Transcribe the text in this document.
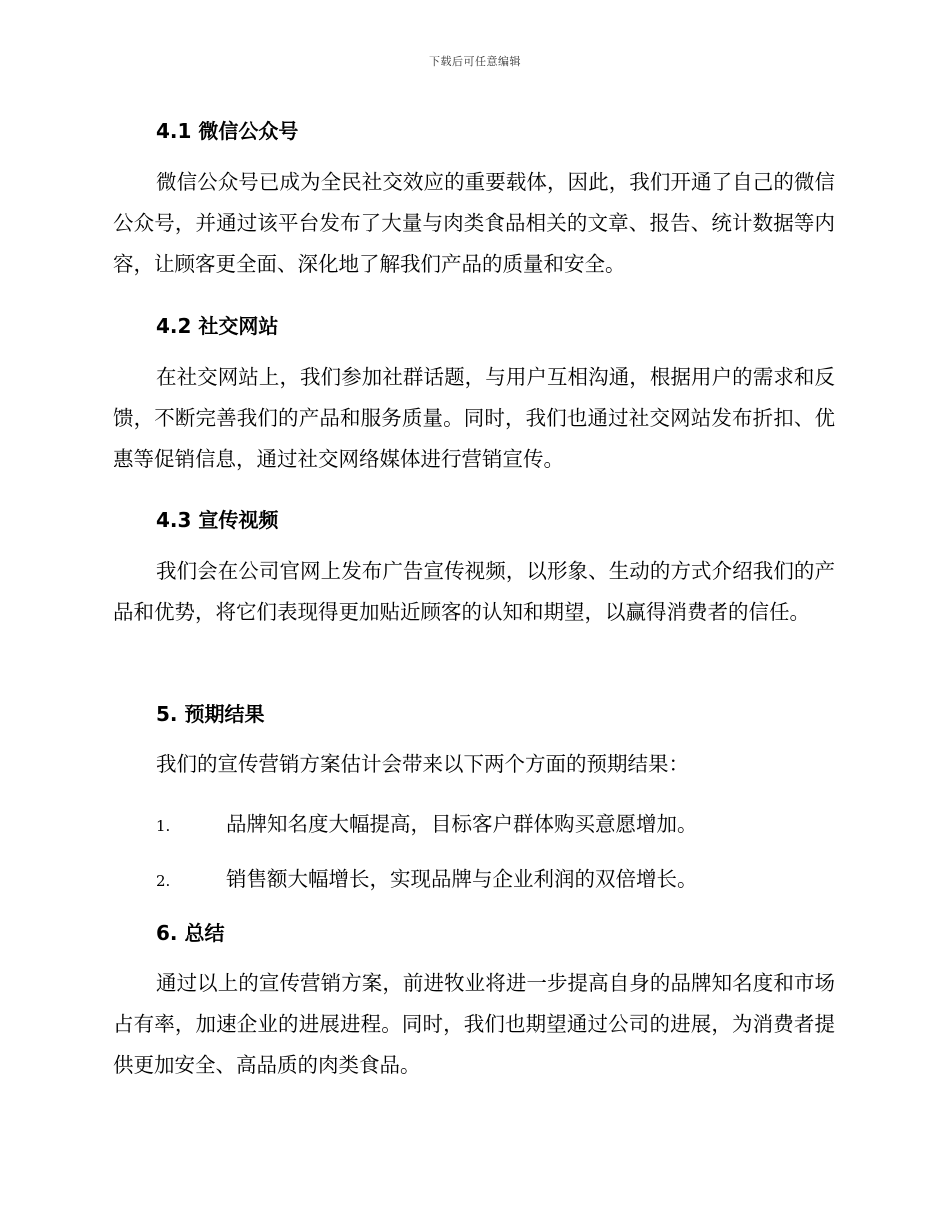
下载后可任意编辑
4.1 微信公众号
微信公众号已成为全民社交效应的重要载体，因此，我们开通了自己的微信公众号，并通过该平台发布了大量与肉类食品相关的文章、报告、统计数据等内容，让顾客更全面、深化地了解我们产品的质量和安全。
4.2 社交网站
在社交网站上，我们参加社群话题，与用户互相沟通，根据用户的需求和反馈，不断完善我们的产品和服务质量。同时，我们也通过社交网站发布折扣、优惠等促销信息，通过社交网络媒体进行营销宣传。
4.3 宣传视频
我们会在公司官网上发布广告宣传视频，以形象、生动的方式介绍我们的产品和优势，将它们表现得更加贴近顾客的认知和期望，以赢得消费者的信任。
5. 预期结果
我们的宣传营销方案估计会带来以下两个方面的预期结果：
1.	品牌知名度大幅提高，目标客户群体购买意愿增加。
2.	销售额大幅增长，实现品牌与企业利润的双倍增长。
6. 总结
通过以上的宣传营销方案，前进牧业将进一步提高自身的品牌知名度和市场占有率，加速企业的进展进程。同时，我们也期望通过公司的进展，为消费者提供更加安全、高品质的肉类食品。
